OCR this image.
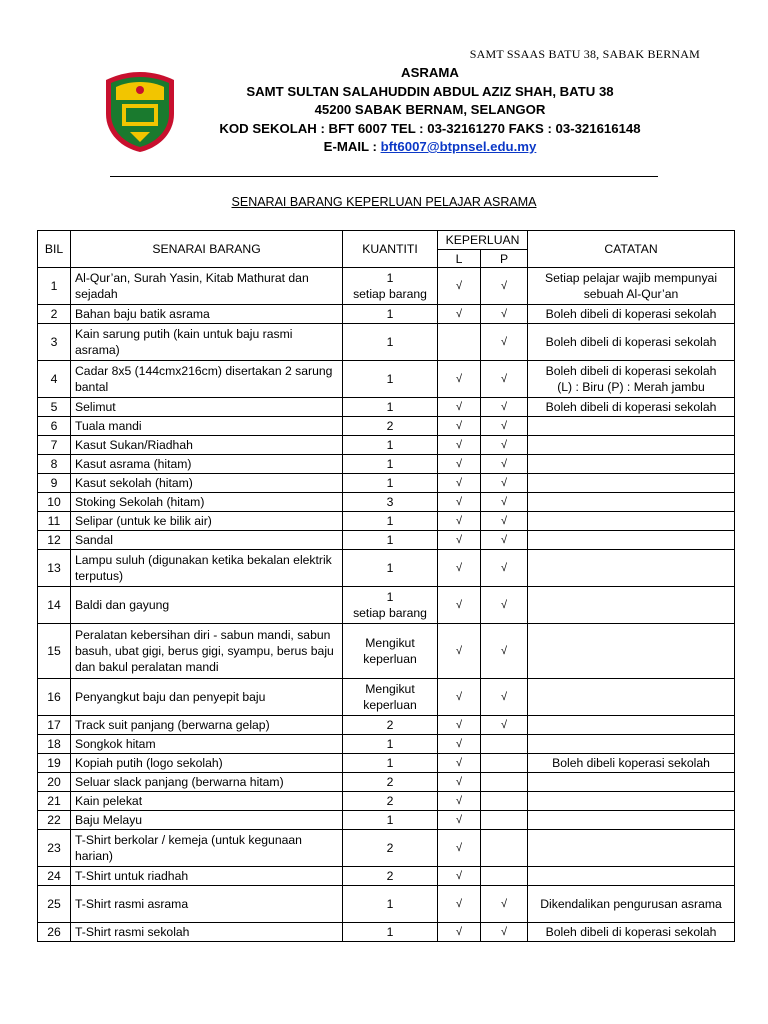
SAMT SSAAS BATU 38, SABAK BERNAM
ASRAMA
SAMT SULTAN SALAHUDDIN ABDUL AZIZ SHAH, BATU 38
45200 SABAK BERNAM, SELANGOR
KOD SEKOLAH : BFT 6007 TEL : 03-32161270 FAKS : 03-321616148
E-MAIL : bft6007@btpnsel.edu.my
SENARAI BARANG KEPERLUAN PELAJAR ASRAMA
BIL	SENARAI BARANG	KUANTITI	KEPERLUAN		CATATAN
			L	P	
1	Al-Qur’an, Surah Yasin, Kitab Mathurat dan sejadah	1
setiap barang	√	√	Setiap pelajar wajib mempunyai sebuah Al-Qur’an
2	Bahan baju batik asrama	1	√	√	Boleh dibeli di koperasi sekolah
3	Kain sarung putih (kain untuk baju rasmi asrama)	1		√	Boleh dibeli di koperasi sekolah
4	Cadar 8x5 (144cmx216cm) disertakan 2 sarung bantal	1	√	√	Boleh dibeli di koperasi sekolah
(L) : Biru (P) : Merah jambu
5	Selimut	1	√	√	Boleh dibeli di koperasi sekolah
6	Tuala mandi	2	√	√	
7	Kasut Sukan/Riadhah	1	√	√	
8	Kasut asrama (hitam)	1	√	√	
9	Kasut sekolah (hitam)	1	√	√	
10	Stoking Sekolah (hitam)	3	√	√	
11	Selipar (untuk ke bilik air)	1	√	√	
12	Sandal	1	√	√	
13	Lampu suluh (digunakan ketika bekalan elektrik terputus)	1	√	√	
14	Baldi dan gayung	1
setiap barang	√	√	
15	Peralatan kebersihan diri - sabun mandi, sabun basuh, ubat gigi, berus gigi, syampu, berus baju dan bakul peralatan mandi	Mengikut
keperluan	√	√	
16	Penyangkut baju dan penyepit baju	Mengikut
keperluan	√	√	
17	Track suit panjang (berwarna gelap)	2	√	√	
18	Songkok hitam	1	√		
19	Kopiah putih (logo sekolah)	1	√		Boleh dibeli koperasi sekolah
20	Seluar slack panjang (berwarna hitam)	2	√		
21	Kain pelekat	2	√		
22	Baju Melayu	1	√		
23	T-Shirt berkolar / kemeja (untuk kegunaan harian)	2	√		
24	T-Shirt untuk riadhah	2	√		
25	T-Shirt rasmi asrama	1	√	√	Dikendalikan pengurusan asrama
26	T-Shirt rasmi sekolah	1	√	√	Boleh dibeli di koperasi sekolah
